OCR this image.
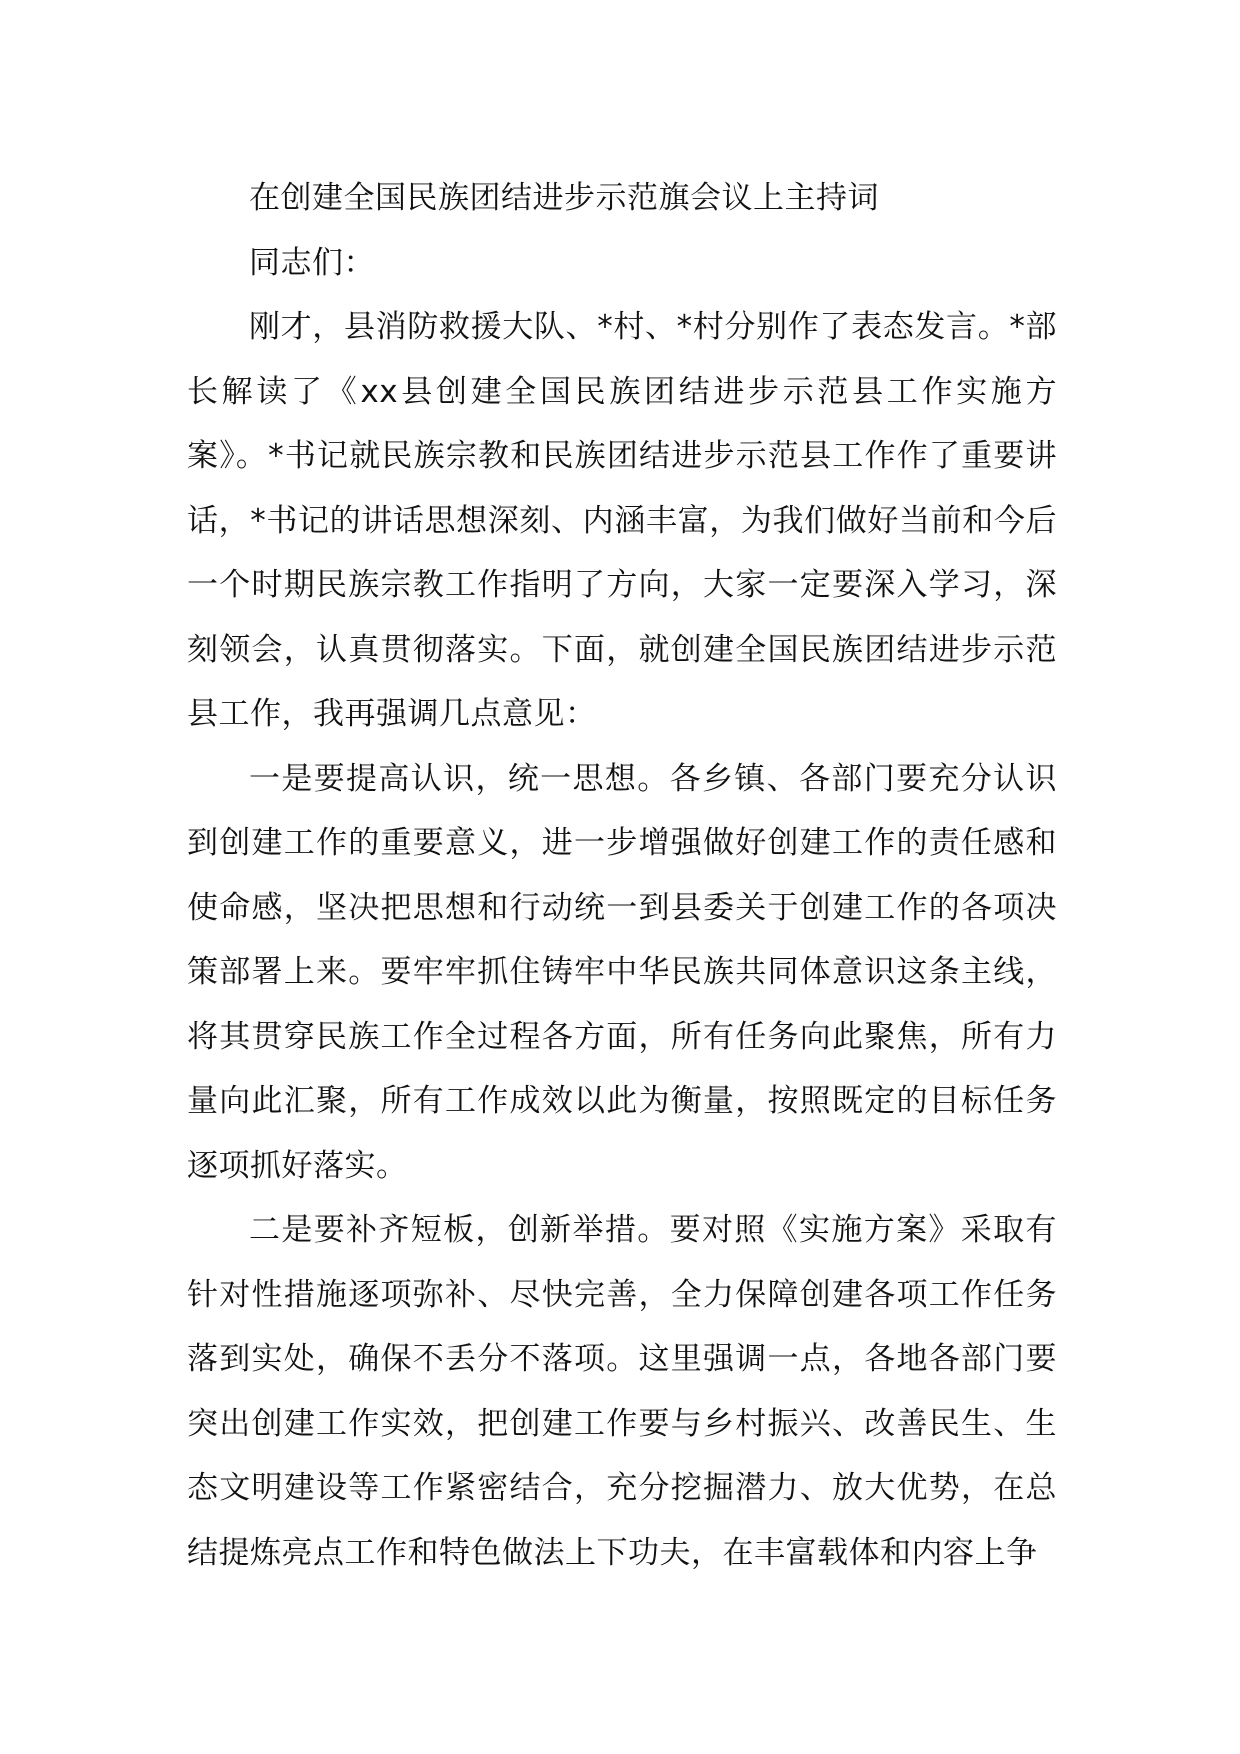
在创建全国民族团结进步示范旗会议上主持词

同志们：

刚才，县消防救援大队、*村、*村分别作了表态发言。*部长解读了《xx县创建全国民族团结进步示范县工作实施方案》。*书记就民族宗教和民族团结进步示范县工作作了重要讲话，*书记的讲话思想深刻、内涵丰富，为我们做好当前和今后一个时期民族宗教工作指明了方向，大家一定要深入学习，深刻领会，认真贯彻落实。下面，就创建全国民族团结进步示范县工作，我再强调几点意见：

一是要提高认识，统一思想。各乡镇、各部门要充分认识到创建工作的重要意义，进一步增强做好创建工作的责任感和使命感，坚决把思想和行动统一到县委关于创建工作的各项决策部署上来。要牢牢抓住铸牢中华民族共同体意识这条主线，将其贯穿民族工作全过程各方面，所有任务向此聚焦，所有力量向此汇聚，所有工作成效以此为衡量，按照既定的目标任务逐项抓好落实。

二是要补齐短板，创新举措。要对照《实施方案》采取有针对性措施逐项弥补、尽快完善，全力保障创建各项工作任务落到实处，确保不丢分不落项。这里强调一点，各地各部门要突出创建工作实效，把创建工作要与乡村振兴、改善民生、生态文明建设等工作紧密结合，充分挖掘潜力、放大优势，在总结提炼亮点工作和特色做法上下功夫，在丰富载体和内容上争
